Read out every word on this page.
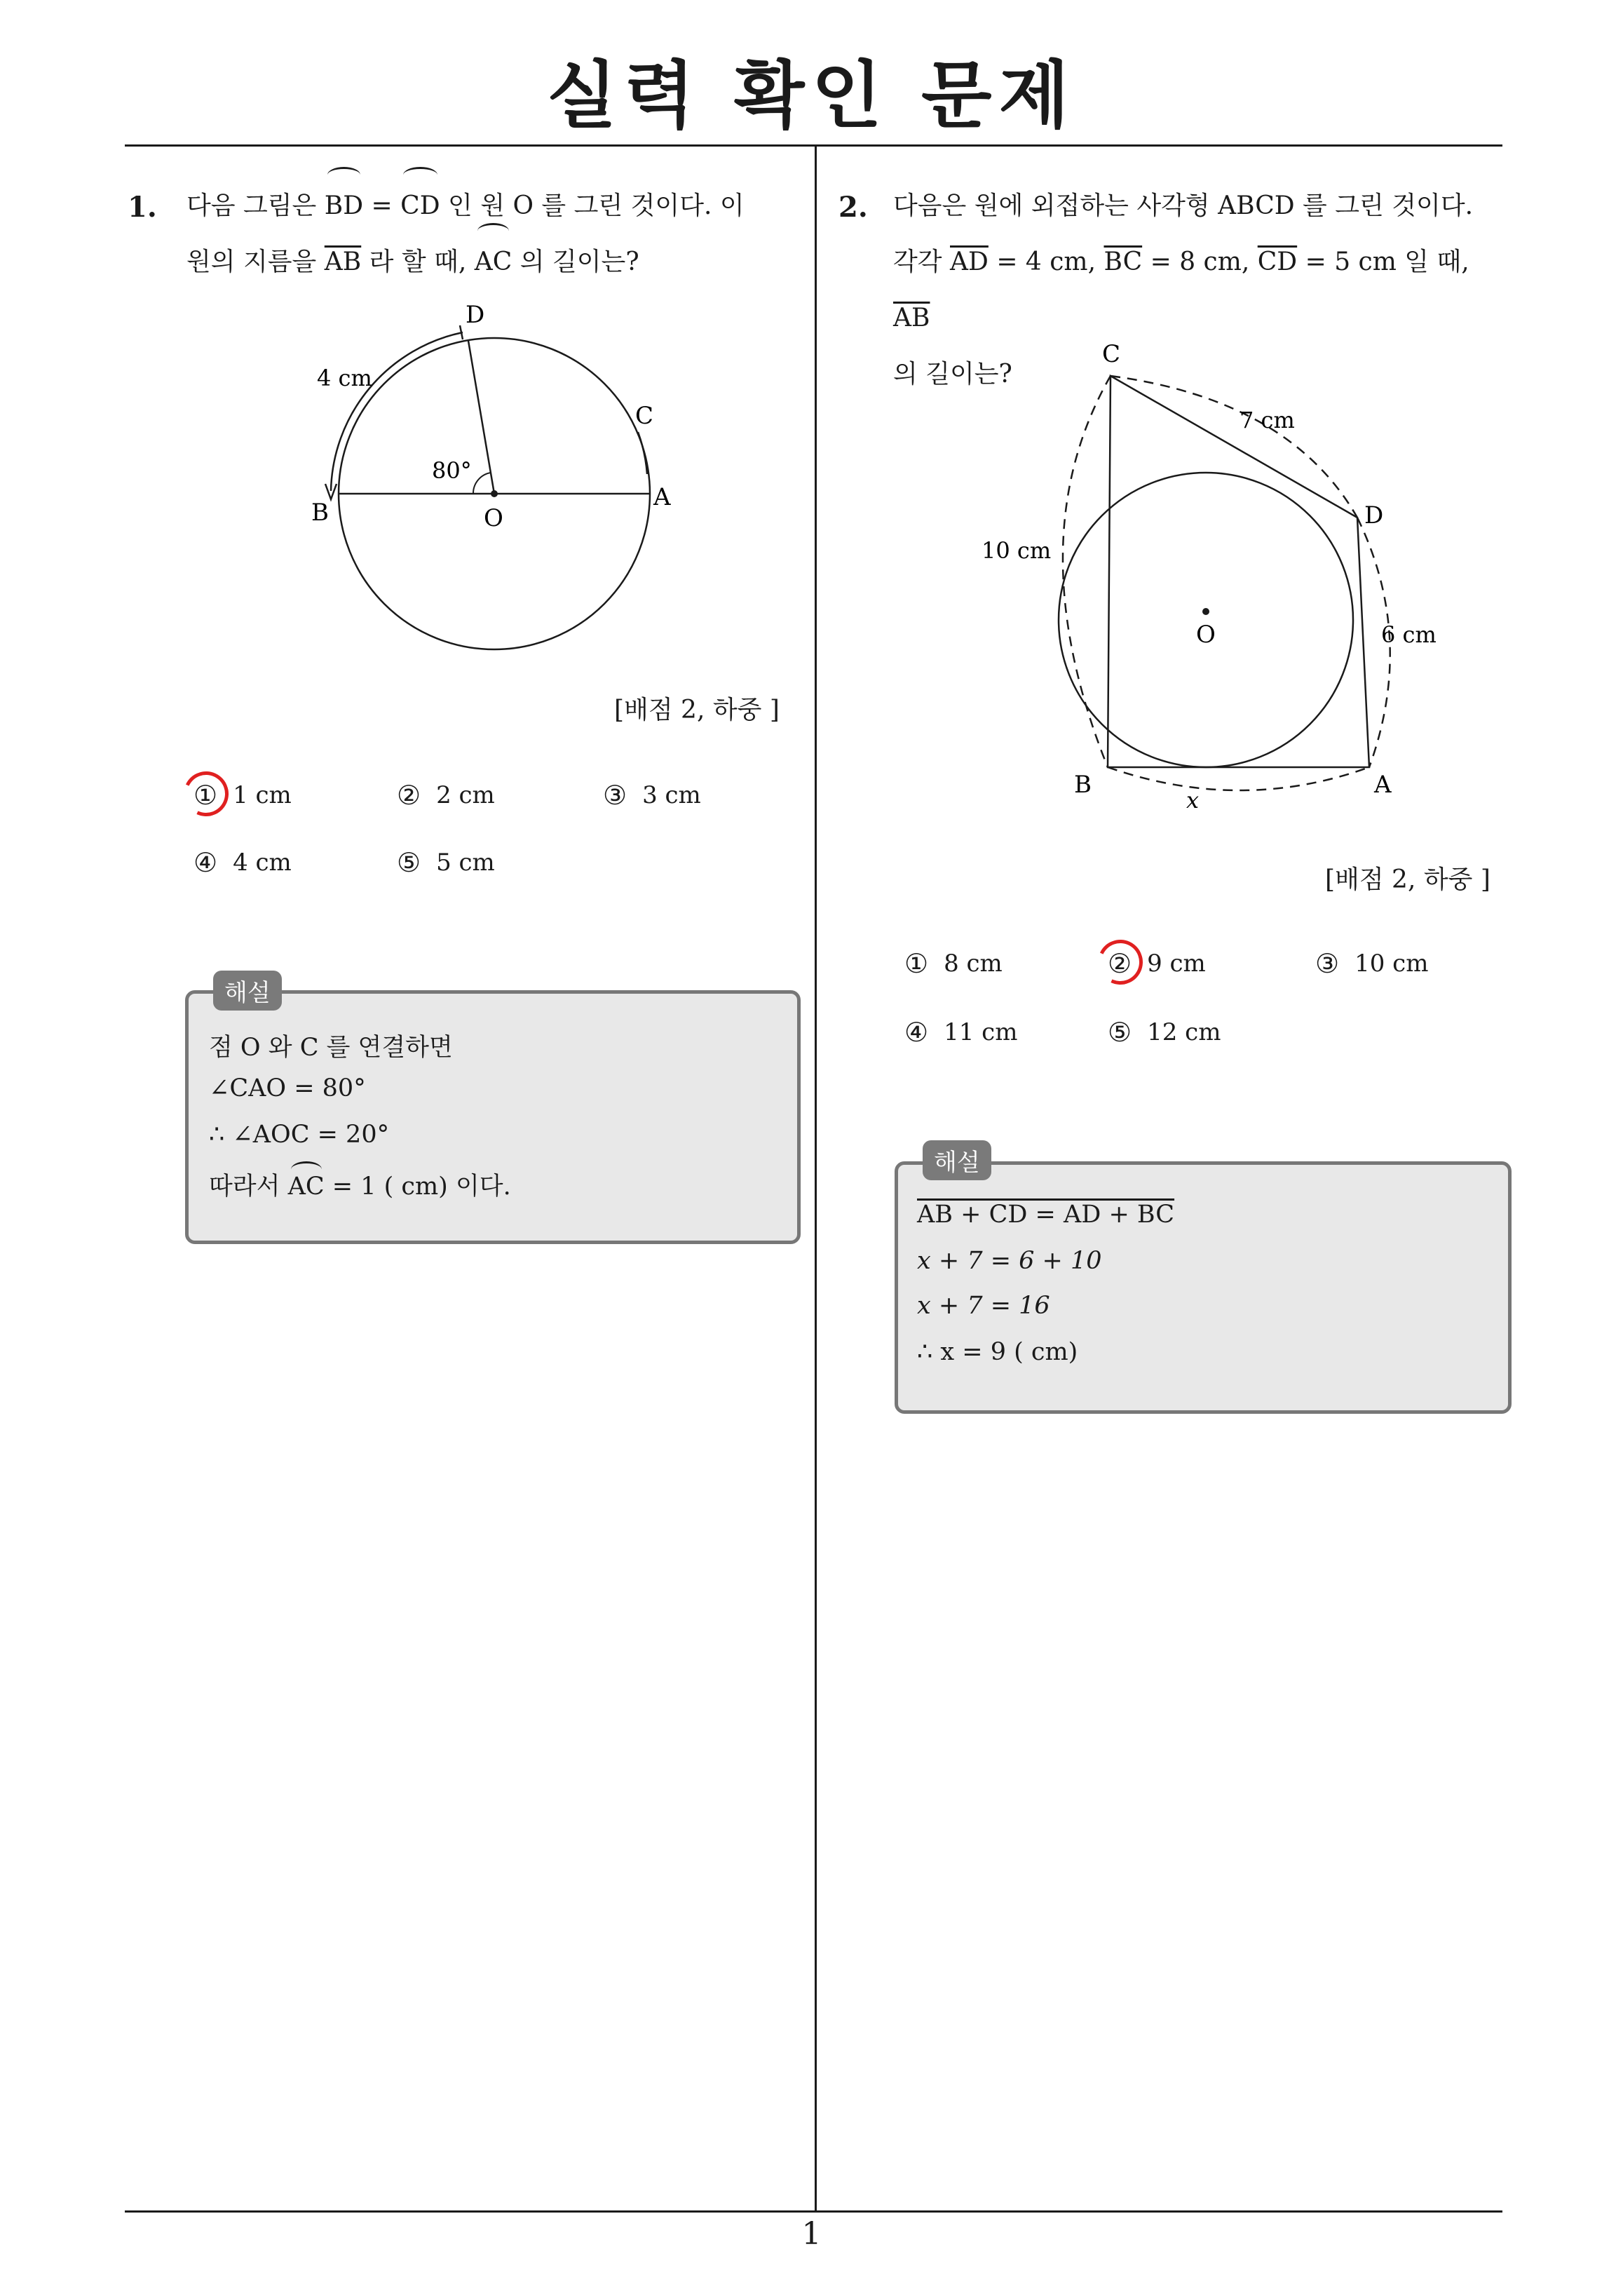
실력 확인 문제
1. 다음 그림은 BD = CD 인 원 O 를 그린 것이다. 이
원의 지름을 $\overline{AB}$ 라 할 때, AC 의 길이는?
D
C
B	O
A
4 cm
80°
[배점 2, 하중 ]
① 1 cm	② 2 cm	③ 3 cm
④ 4 cm	⑤ 5 cm
해설
점 O 와 C 를 연결하면
∠CAO = 80°
∴ ∠AOC = 20°
따라서 AC = 1 ( cm) 이다.
2. 다음은 원에 외접하는 사각형 ABCD 를 그린 것이다.
각각 $\overline{AD} = 4$ cm, $\overline{BC} = 8$ cm, $\overline{CD} = 5$ cm 일 때, $\overline{AB}$
의 길이는?
C
D
B	A
O
7 cm
10 cm
6 cm
x
[배점 2, 하중 ]
① 8 cm	② 9 cm	③ 10 cm
④ 11 cm	⑤ 12 cm
해설
AB + CD = AD + BC
x + 7 = 6 + 10
x + 7 = 16
∴ x = 9 ( cm)
1
